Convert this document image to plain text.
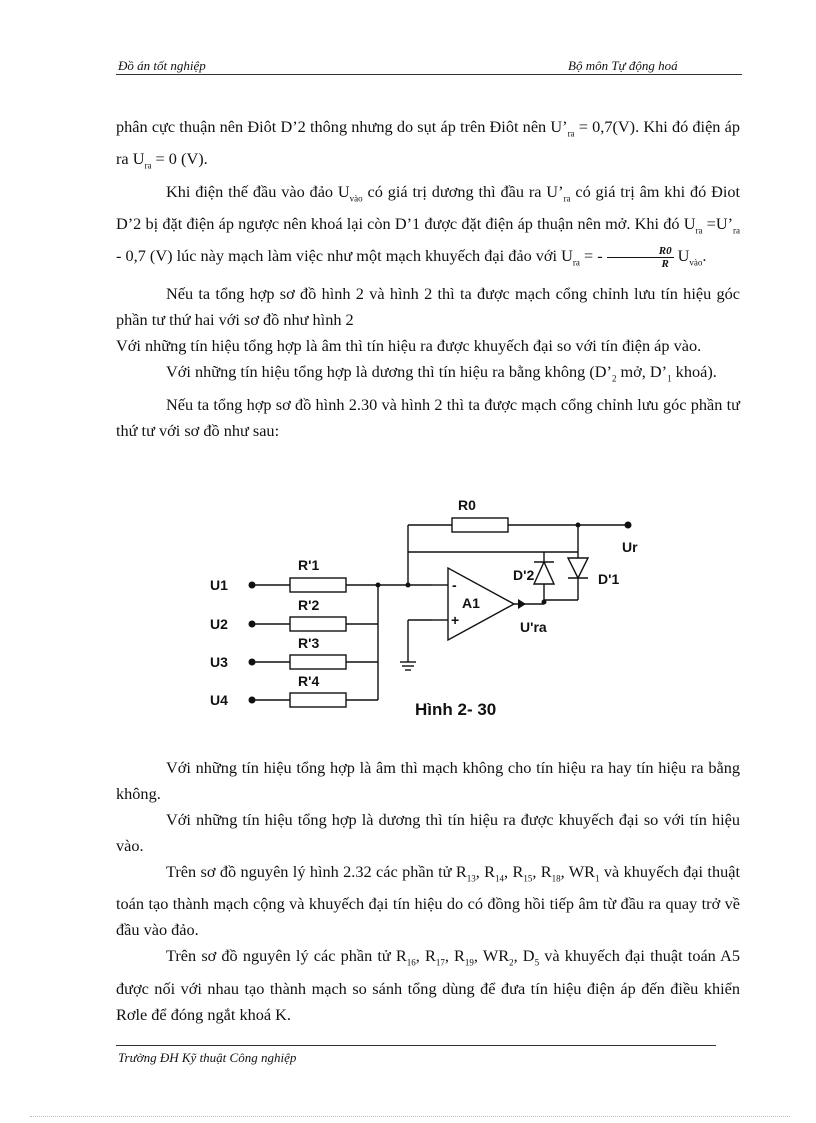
Đồ án tốt nghiệp	Bộ môn Tự động hoá

phân cực thuận nên Điôt D’2 thông nhưng do sụt áp trên Điôt nên $U’_{ra} = 0,7(V)$. Khi đó điện áp ra $U_{ra} = 0$ (V).

Khi điện thế đầu vào đảo $U_{vào}$ có giá trị dương thì đầu ra $U’_{ra}$ có giá trị âm khi đó Điot D’2 bị đặt điện áp ngược nên khoá lại còn D’1 được đặt điện áp thuận nên mở. Khi đó $U_{ra}$ $=U’_{ra} - 0,7$ (V) lúc này mạch làm việc như một mạch khuyếch đại đảo với $U_{ra}$ = - $\frac{R0}{R} U_{vào}$.

Nếu ta tổng hợp sơ đồ hình 2 và hình 2 thì ta được mạch cổng chỉnh lưu tín hiệu góc phần tư thứ hai với sơ đồ như hình 2

Với những tín hiệu tổng hợp là âm thì tín hiệu ra được khuyếch đại so với tín điện áp vào.

Với những tín hiệu tổng hợp là dương thì tín hiệu ra bằng không ($D’_2$ mở, $D’_1$ khoá).

Nếu ta tổng hợp sơ đồ hình 2.30 và hình 2 thì ta được mạch cổng chỉnh lưu góc phần tư thứ tư với sơ đồ như sau:

R0
Ur
R'1
R'2
R'3
R'4
U1
U2
U3
U4
D'2	D'1
A1
-
+	U'ra
Hình 2- 30

Với những tín hiệu tổng hợp là âm thì mạch không cho tín hiệu ra hay tín hiệu ra bằng không.

Với những tín hiệu tổng hợp là dương thì tín hiệu ra được khuyếch đại so với tín hiệu vào.

Trên sơ đồ nguyên lý hình 2.32 các phần tử $R_{13}$, $R_{14}$, $R_{15}$, $R_{18}$, $WR_1$ và khuyếch đại thuật toán tạo thành mạch cộng và khuyếch đại tín hiệu do có đồng hồi tiếp âm từ đầu ra quay trở về đầu vào đảo.

Trên sơ đồ nguyên lý các phần tử $R_{16}$, $R_{17}$, $R_{19}$, $WR_2$, $D_5$ và khuyếch đại thuật toán A5 được nối với nhau tạo thành mạch so sánh tổng dùng để đưa tín hiệu điện áp đến điều khiển Rơle để đóng ngắt khoá K.

Trường ĐH Kỹ thuật Công nghiệp
